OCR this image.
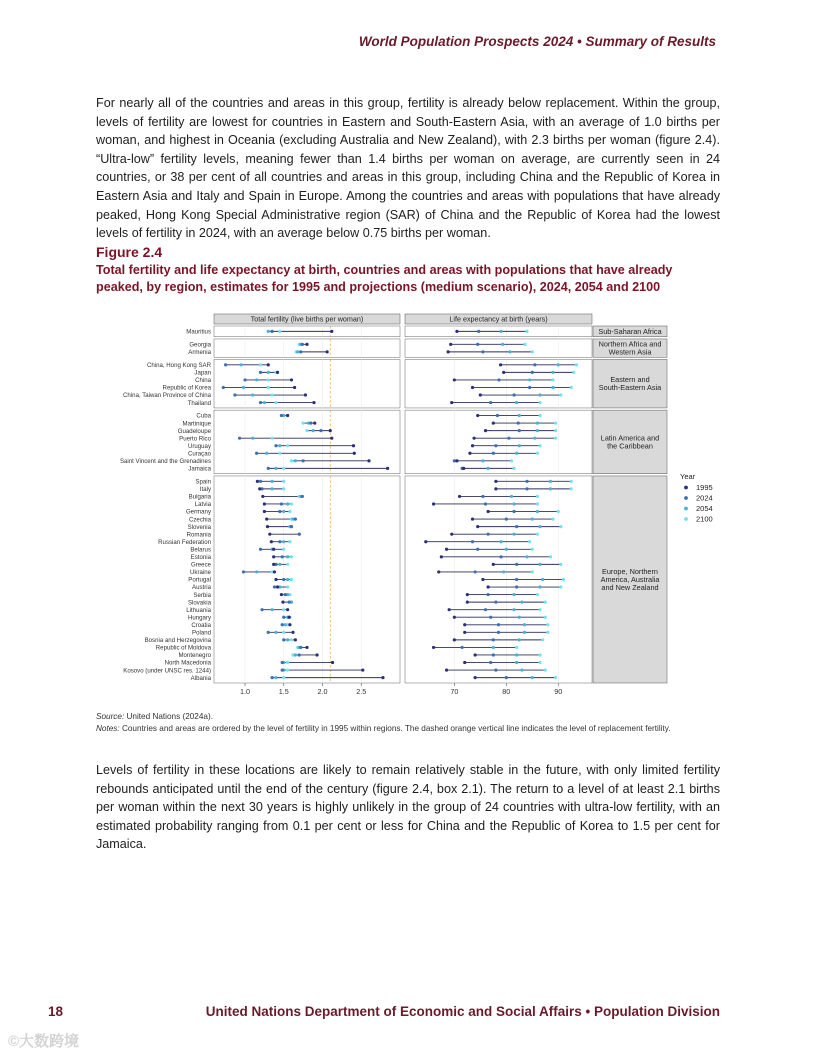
World Population Prospects 2024 • Summary of Results

For nearly all of the countries and areas in this group, fertility is already below replacement. Within the group, levels of fertility are lowest for countries in Eastern and South-Eastern Asia, with an average of 1.0 births per woman, and highest in Oceania (excluding Australia and New Zealand), with 2.3 births per woman (figure 2.4). “Ultra-low” fertility levels, meaning fewer than 1.4 births per woman on average, are currently seen in 24 countries, or 38 per cent of all countries and areas in this group, including China and the Republic of Korea in Eastern Asia and Italy and Spain in Europe. Among the countries and areas with populations that have already peaked, Hong Kong Special Administrative region (SAR) of China and the Republic of Korea had the lowest levels of fertility in 2024, with an average below 0.75 births per woman.

Figure 2.4
Total fertility and life expectancy at birth, countries and areas with populations that have already peaked, by region, estimates for 1995 and projections (medium scenario), 2024, 2054 and 2100
Total fertility (live births per woman)	Life expectancy at birth (years)
Sub-Saharan Africa
Mauritius
Northern Africa and
Western Asia
Georgia
Armenia
Eastern and
South-Eastern Asia
China, Hong Kong SAR
Japan
China
Republic of Korea
China, Taiwan Province of China
Thailand
Latin America and
the Caribbean
Cuba
Martinique
Guadeloupe
Puerto Rico
Uruguay
Curaçao
Saint Vincent and the Grenadines
Jamaica
Europe, Northern
America, Australia
and New Zealand
Spain
Italy
Bulgaria
Latvia
Germany
Czechia
Slovenia
Romania
Russian Federation
Belarus
Estonia
Greece
Ukraine
Portugal
Austria
Serbia
Slovakia
Lithuania
Hungary
Croatia
Poland
Bosnia and Herzegovina
Republic of Moldova
Montenegro
North Macedonia
Kosovo (under UNSC res. 1244)
Albania
1.0	1.5	2.0	2.5	70	80	90
Year
1995
2024
2054
2100
Source: United Nations (2024a).
Notes: Countries and areas are ordered by the level of fertility in 1995 within regions. The dashed orange vertical line indicates the level of replacement fertility.

Levels of fertility in these locations are likely to remain relatively stable in the future, with only limited fertility rebounds anticipated until the end of the century (figure 2.4, box 2.1). The return to a level of at least 2.1 births per woman within the next 30 years is highly unlikely in the group of 24 countries with ultra-low fertility, with an estimated probability ranging from 0.1 per cent or less for China and the Republic of Korea to 1.5 per cent for Jamaica.

18	United Nations Department of Economic and Social Affairs • Population Division
©大数跨境
